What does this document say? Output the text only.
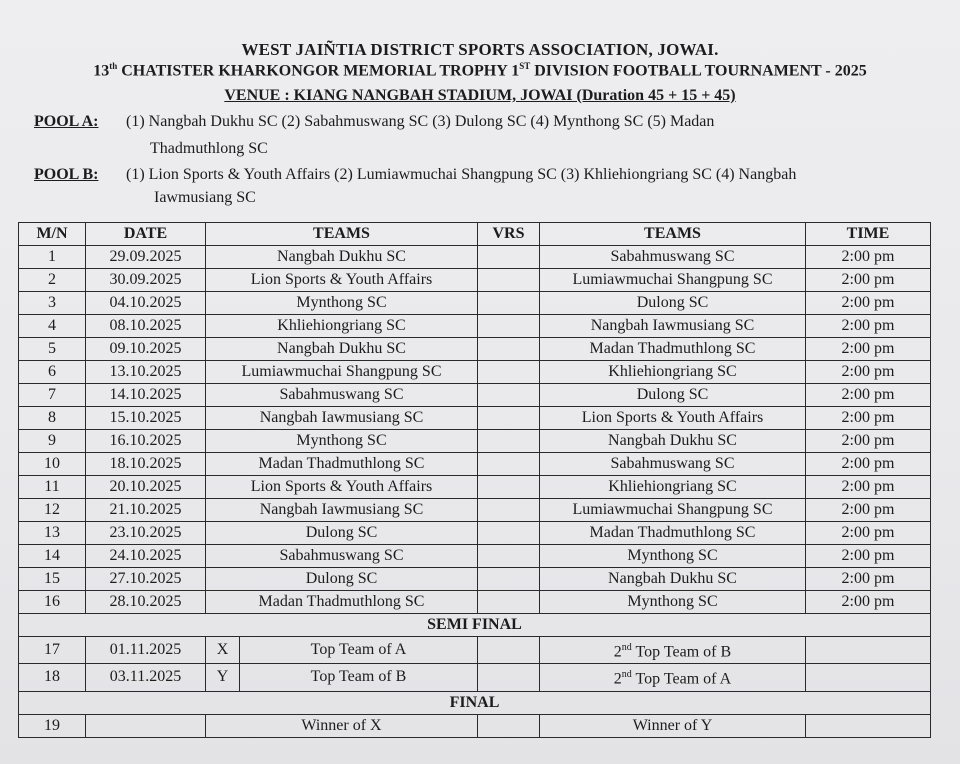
WEST JAIÑTIA DISTRICT SPORTS ASSOCIATION, JOWAI.
13th CHATISTER KHARKONGOR MEMORIAL TROPHY 1ST DIVISION FOOTBALL TOURNAMENT - 2025
VENUE : KIANG NANGBAH STADIUM, JOWAI (Duration 45 + 15 + 45)
POOL A: (1) Nangbah Dukhu SC (2) Sabahmuswang SC (3) Dulong SC (4) Mynthong SC (5) Madan
Thadmuthlong SC
POOL B: (1) Lion Sports & Youth Affairs (2) Lumiawmuchai Shangpung SC (3) Khliehiongriang SC (4) Nangbah
Iawmusiang SC
M/N	DATE	TEAMS		VRS	TEAMS	TIME
1	29.09.2025	Nangbah Dukhu SC			Sabahmuswang SC	2:00 pm
2	30.09.2025	Lion Sports & Youth Affairs			Lumiawmuchai Shangpung SC	2:00 pm
3	04.10.2025	Mynthong SC			Dulong SC	2:00 pm
4	08.10.2025	Khliehiongriang SC			Nangbah Iawmusiang SC	2:00 pm
5	09.10.2025	Nangbah Dukhu SC			Madan Thadmuthlong SC	2:00 pm
6	13.10.2025	Lumiawmuchai Shangpung SC			Khliehiongriang SC	2:00 pm
7	14.10.2025	Sabahmuswang SC			Dulong SC	2:00 pm
8	15.10.2025	Nangbah Iawmusiang SC			Lion Sports & Youth Affairs	2:00 pm
9	16.10.2025	Mynthong SC			Nangbah Dukhu SC	2:00 pm
10	18.10.2025	Madan Thadmuthlong SC			Sabahmuswang SC	2:00 pm
11	20.10.2025	Lion Sports & Youth Affairs			Khliehiongriang SC	2:00 pm
12	21.10.2025	Nangbah Iawmusiang SC			Lumiawmuchai Shangpung SC	2:00 pm
13	23.10.2025	Dulong SC			Madan Thadmuthlong SC	2:00 pm
14	24.10.2025	Sabahmuswang SC			Mynthong SC	2:00 pm
15	27.10.2025	Dulong SC			Nangbah Dukhu SC	2:00 pm
16	28.10.2025	Madan Thadmuthlong SC			Mynthong SC	2:00 pm
SEMI FINAL						
17	01.11.2025	X	Top Team of A		2nd Top Team of B	
18	03.11.2025	Y	Top Team of B		2nd Top Team of A	
FINAL						
19		Winner of X			Winner of Y	
